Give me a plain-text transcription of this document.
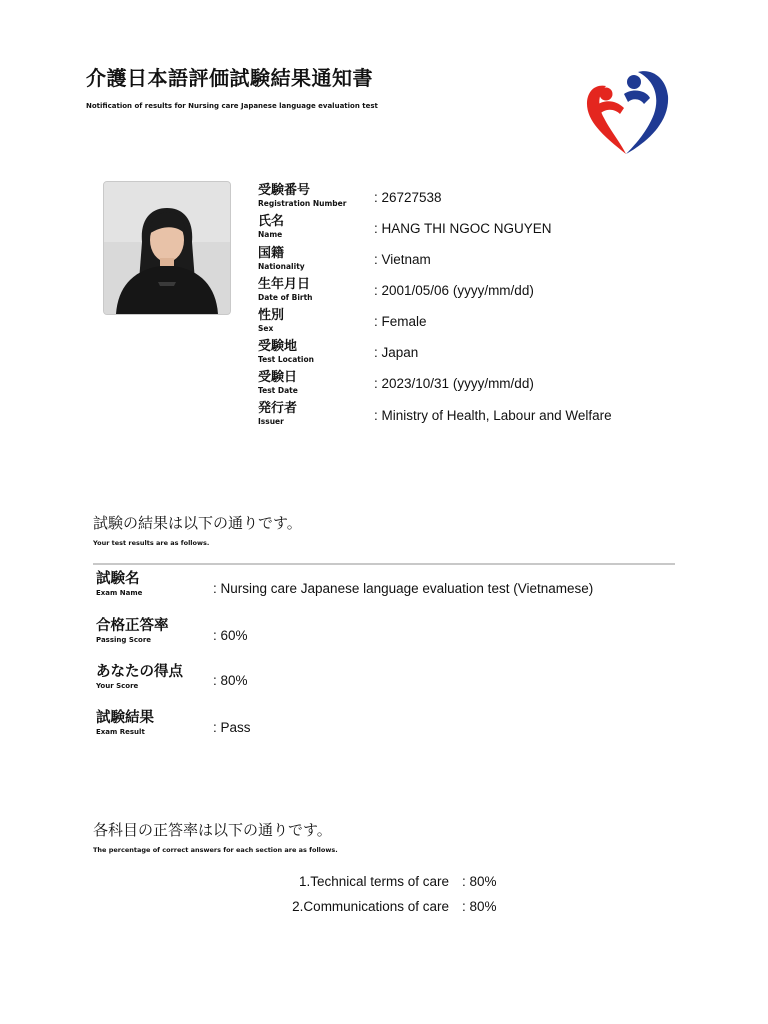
介護日本語評価試験結果通知書
Notification of results for Nursing care Japanese language evaluation test
受験番号
Registration Number : 26727538
氏名
Name	: HANG THI NGOC NGUYEN
国籍
Nationality	: Vietnam
生年月日
Date of Birth	: 2001/05/06 (yyyy/mm/dd)
性別
Sex	: Female
受験地
Test Location	: Japan
受験日
Test Date	: 2023/10/31 (yyyy/mm/dd)
発行者
Issuer	: Ministry of Health, Labour and Welfare
試験の結果は以下の通りです。
Your test results are as follows.
試験名
Exam Name	: Nursing care Japanese language evaluation test (Vietnamese)
合格正答率
Passing Score	: 60%
あなたの得点
Your Score	: 80%
試験結果
Exam Result	: Pass
各科目の正答率は以下の通りです。
The percentage of correct answers for each section are as follows.
1.Technical terms of care : 80%
2.Communications of care : 80%
